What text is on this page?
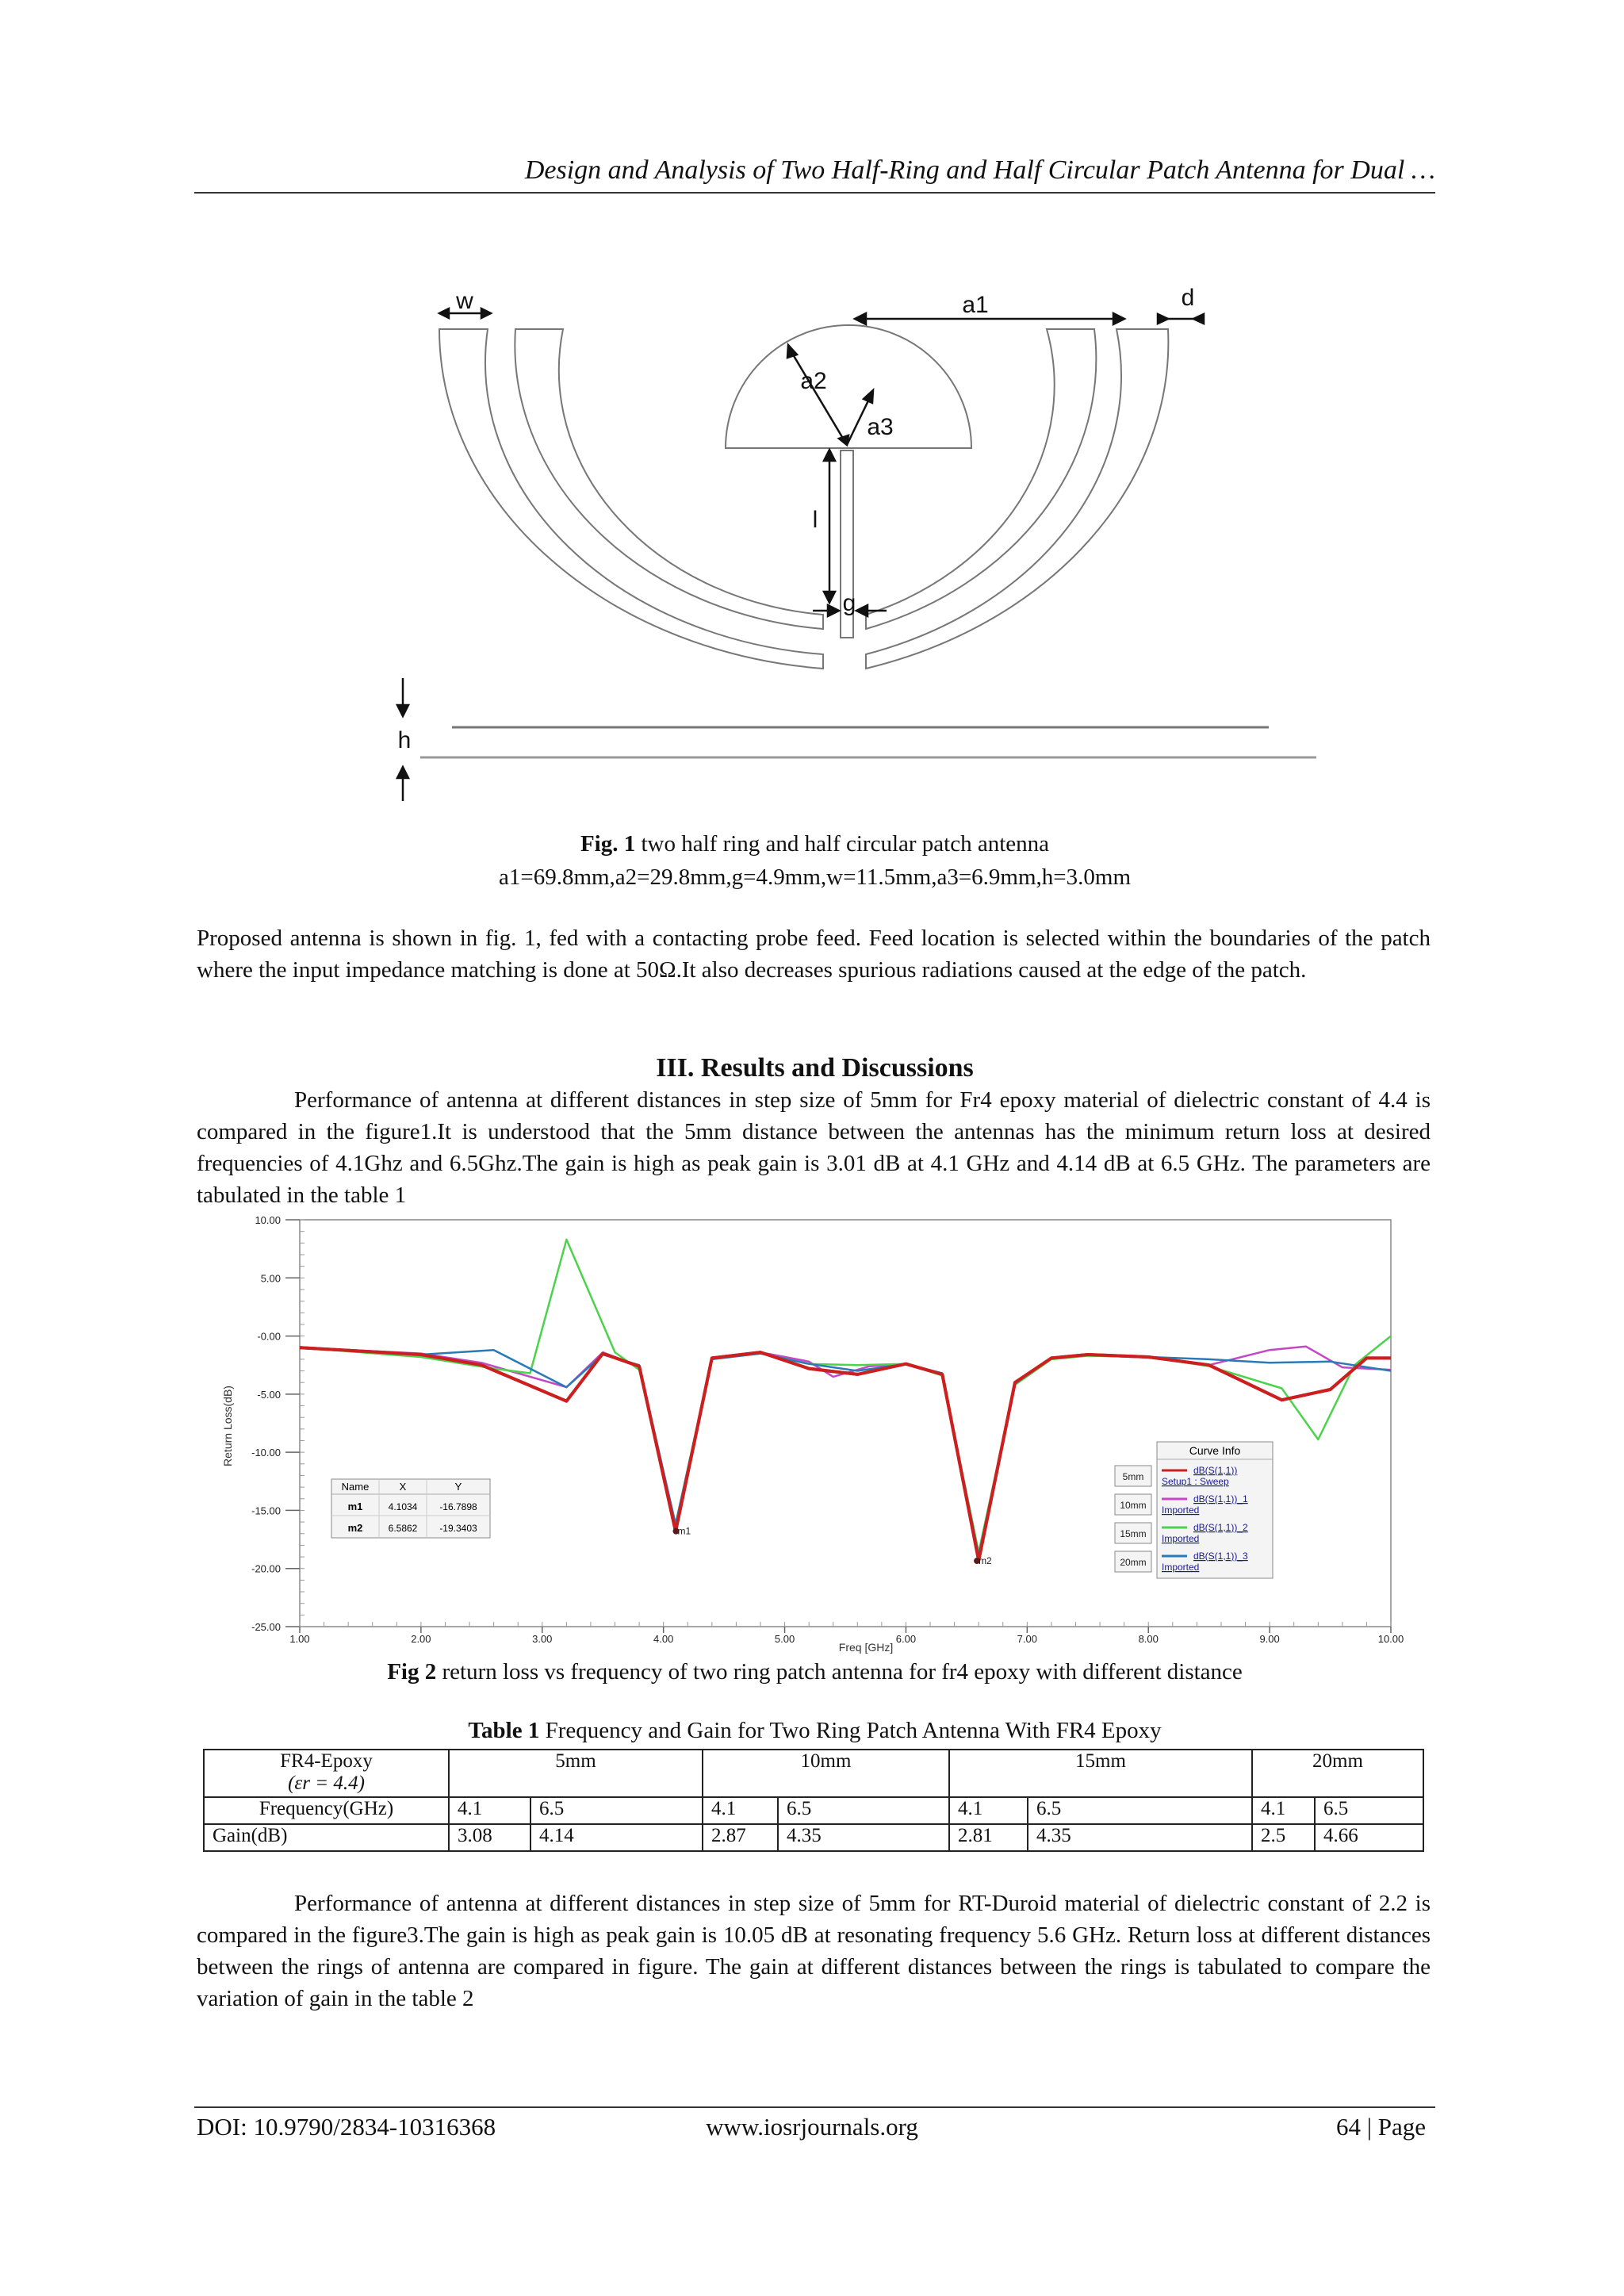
Design and Analysis of Two Half-Ring and Half Circular Patch Antenna for Dual …
w	a1	d
a2
a3
l
g
h
Fig. 1 two half ring and half circular patch antenna
a1=69.8mm,a2=29.8mm,g=4.9mm,w=11.5mm,a3=6.9mm,h=3.0mm
Proposed antenna is shown in fig. 1, fed with a contacting probe feed. Feed location is selected within the boundaries of the patch where the input impedance matching is done at 50Ω.It also decreases spurious radiations caused at the edge of the patch.
III. Results and Discussions
Performance of antenna at different distances in step size of 5mm for Fr4 epoxy material of dielectric constant of 4.4 is compared in the figure1.It is understood that the 5mm distance between the antennas has the minimum return loss at desired frequencies of 4.1Ghz and 6.5Ghz.The gain is high as peak gain is 3.01 dB at 4.1 GHz and 4.14 dB at 6.5 GHz. The parameters are tabulated in the table 1
10.00
5.00
-0.00
-5.00
-10.00
-15.00
-20.00
-25.00
1.00	2.00	3.00	4.00	5.00	6.00	7.00	8.00	9.00	10.00
m1
m2
Return Loss(dB)
Freq [GHz]
Name	X	Y
m1	4.1034 -16.7898
m2	6.5862 -19.3403
Curve Info
5mm
dB(S(1,1))
Setup1 : Sweep
10mm
dB(S(1,1))_1
Imported
15mm
dB(S(1,1))_2
Imported
20mm
dB(S(1,1))_3
Imported
Fig 2 return loss vs frequency of two ring patch antenna for fr4 epoxy with different distance
Table 1 Frequency and Gain for Two Ring Patch Antenna With FR4 Epoxy
FR4-Epoxy
(εr = 4.4)	5mm		10mm		15mm		20mm	
Frequency(GHz)	4.1	6.5	4.1	6.5	4.1	6.5	4.1	6.5
Gain(dB)	3.08	4.14	2.87	4.35	2.81	4.35	2.5	4.66
Performance of antenna at different distances in step size of 5mm for RT-Duroid material of dielectric constant of 2.2 is compared in the figure3.The gain is high as peak gain is 10.05 dB at resonating frequency 5.6 GHz. Return loss at different distances between the rings of antenna are compared in figure. The gain at different distances between the rings is tabulated to compare the variation of gain in the table 2
DOI: 10.9790/2834-10316368	www.iosrjournals.org	64 | Page
